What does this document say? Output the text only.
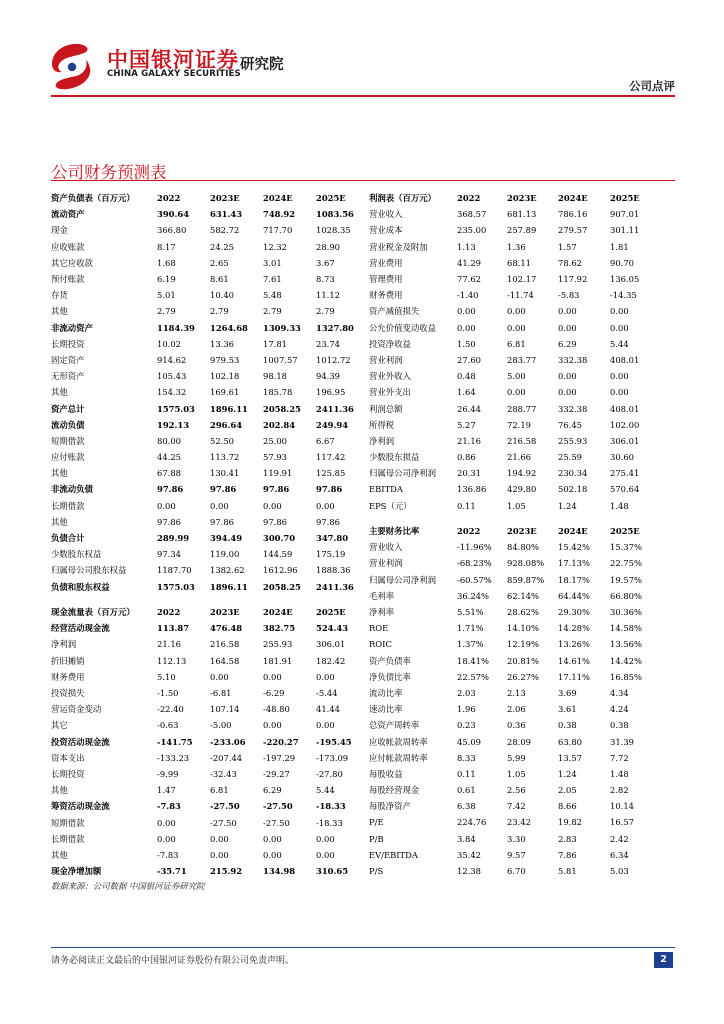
中国银河证券
CHINA GALAXY SECURITIES
研究院
公司点评
公司财务预测表
资产负债表（百万元）	2022	2023E	2024E	2025E
流动资产	390.64	631.43	748.92	1083.56
现金	366.80	582.72	717.70	1028.35
应收账款	8.17	24.25	12.32	28.90
其它应收款	1.68	2.65	3.01	3.67
预付账款	6.19	8.61	7.61	8.73
存货	5.01	10.40	5.48	11.12
其他	2.79	2.79	2.79	2.79
非流动资产	1184.39	1264.68	1309.33	1327.80
长期投资	10.02	13.36	17.81	23.74
固定资产	914.62	979.53	1007.57	1012.72
无形资产	105.43	102.18	98.18	94.39
其他	154.32	169.61	185.78	196.95
资产总计	1575.03	1896.11	2058.25	2411.36
流动负债	192.13	296.64	202.84	249.94
短期借款	80.00	52.50	25.00	6.67
应付账款	44.25	113.72	57.93	117.42
其他	67.88	130.41	119.91	125.85
非流动负债	97.86	97.86	97.86	97.86
长期借款	0.00	0.00	0.00	0.00
其他	97.86	97.86	97.86	97.86
负债合计	289.99	394.49	300.70	347.80
少数股东权益	97.34	119.00	144.59	175.19
归属母公司股东权益	1187.70	1382.62	1612.96	1888.36
负债和股东权益	1575.03	1896.11	2058.25	2411.36
利润表（百万元）	2022	2023E	2024E	2025E
营业收入	368.57	681.13	786.16	907.01
营业成本	235.00	257.89	279.57	301.11
营业税金及附加	1.13	1.36	1.57	1.81
营业费用	41.29	68.11	78.62	90.70
管理费用	77.62	102.17	117.92	136.05
财务费用	-1.40	-11.74	-5.83	-14.35
资产减值损失	0.00	0.00	0.00	0.00
公允价值变动收益	0.00	0.00	0.00	0.00
投资净收益	1.50	6.81	6.29	5.44
营业利润	27.60	283.77	332.38	408.01
营业外收入	0.48	5.00	0.00	0.00
营业外支出	1.64	0.00	0.00	0.00
利润总额	26.44	288.77	332.38	408.01
所得税	5.27	72.19	76.45	102.00
净利润	21.16	216.58	255.93	306.01
少数股东损益	0.86	21.66	25.59	30.60
归属母公司净利润	20.31	194.92	230.34	275.41
EBITDA	136.86	429.80	502.18	570.64
EPS（元）	0.11	1.05	1.24	1.48
现金流量表（百万元）	2022	2023E	2024E	2025E
经营活动现金流	113.87	476.48	382.75	524.43
净利润	21.16	216.58	255.93	306.01
折旧摊销	112.13	164.58	181.91	182.42
财务费用	5.10	0.00	0.00	0.00
投资损失	-1.50	-6.81	-6.29	-5.44
营运资金变动	-22.40	107.14	-48.80	41.44
其它	-0.63	-5.00	0.00	0.00
投资活动现金流	-141.75	-233.06	-220.27	-195.45
资本支出	-133.23	-207.44	-197.29	-173.09
长期投资	-9.99	-32.43	-29.27	-27.80
其他	1.47	6.81	6.29	5.44
筹资活动现金流	-7.83	-27.50	-27.50	-18.33
短期借款	0.00	-27.50	-27.50	-18.33
长期借款	0.00	0.00	0.00	0.00
其他	-7.83	0.00	0.00	0.00
现金净增加额	-35.71	215.92	134.98	310.65
主要财务比率	2022	2023E	2024E	2025E
营业收入	-11.96%	84.80%	15.42%	15.37%
营业利润	-68.23%	928.08%	17.13%	22.75%
归属母公司净利润	-60.57%	859.87%	18.17%	19.57%
毛利率	36.24%	62.14%	64.44%	66.80%
净利率	5.51%	28.62%	29.30%	30.36%
ROE	1.71%	14.10%	14.28%	14.58%
ROIC	1.37%	12.19%	13.26%	13.56%
资产负债率	18.41%	20.81%	14.61%	14.42%
净负债比率	22.57%	26.27%	17.11%	16.85%
流动比率	2.03	2.13	3.69	4.34
速动比率	1.96	2.06	3.61	4.24
总资产周转率	0.23	0.36	0.38	0.38
应收帐款周转率	45.09	28.09	63.80	31.39
应付帐款周转率	8.33	5.99	13.57	7.72
每股收益	0.11	1.05	1.24	1.48
每股经营现金	0.61	2.56	2.05	2.82
每股净资产	6.38	7.42	8.66	10.14
P/E	224.76	23.42	19.82	16.57
P/B	3.84	3.30	2.83	2.42
EV/EBITDA	35.42	9.57	7.86	6.34
P/S	12.38	6.70	5.81	5.03
数据来源：公司数据 中国银河证券研究院
请务必阅读正文最后的中国银河证券股份有限公司免责声明。	2
